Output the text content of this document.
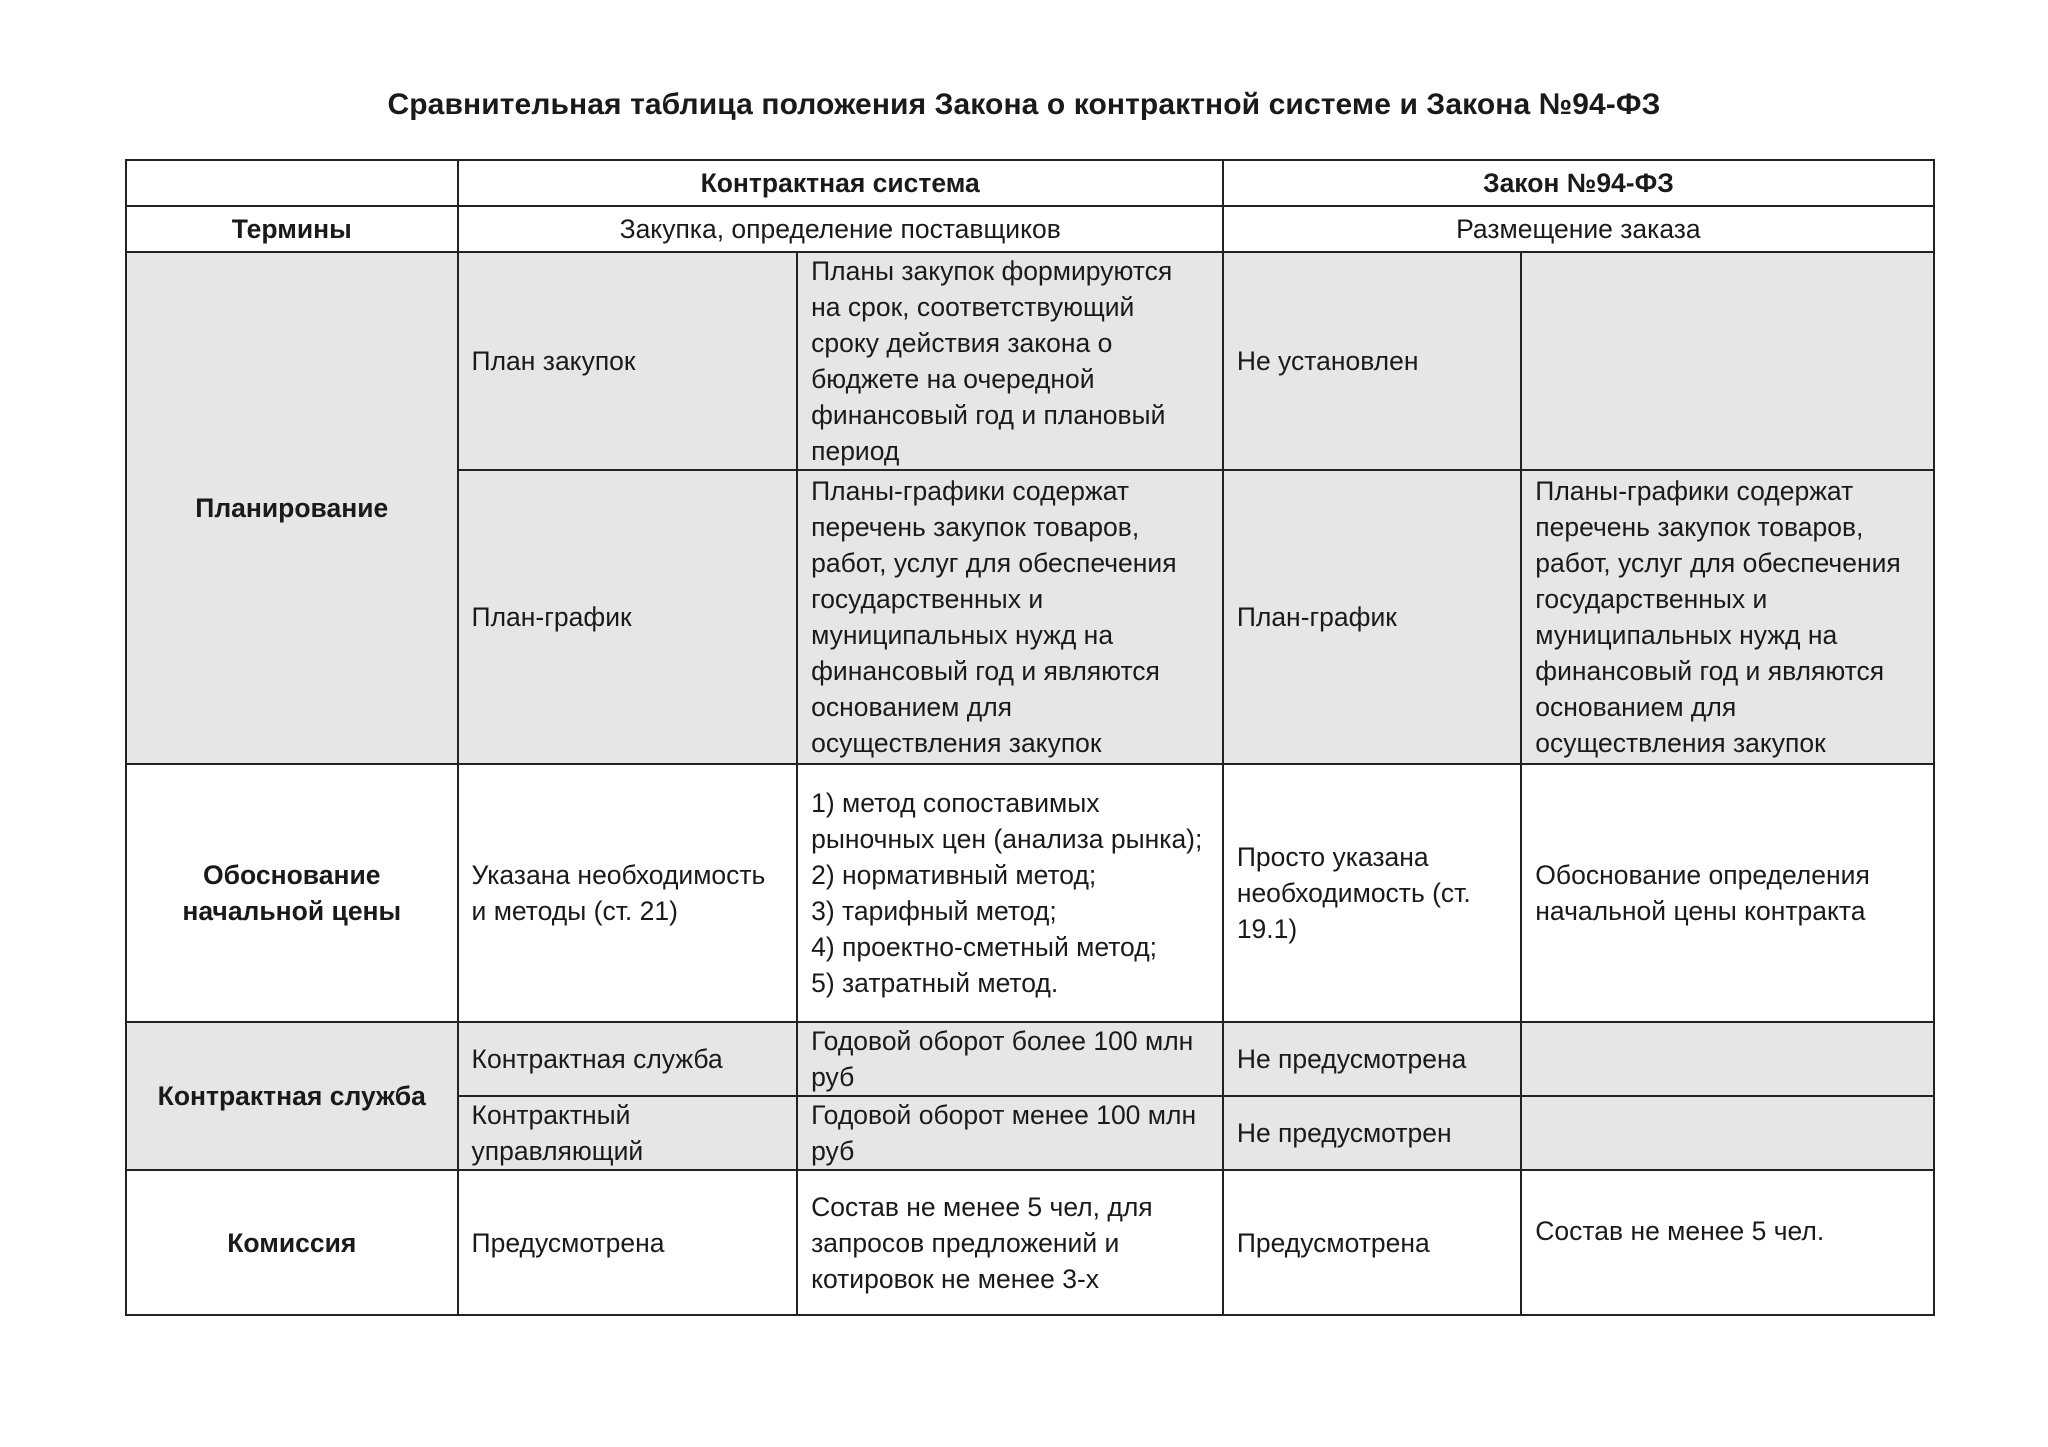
Сравнительная таблица положения Закона о контрактной системе и Закона №94-ФЗ
	Контрактная система		Закон №94-ФЗ	
Термины	Закупка, определение поставщиков		Размещение заказа	
Планирование	План закупок	Планы закупок формируются на срок, соответствующий сроку действия закона о бюджете на очередной финансовый год и плановый период	Не установлен	
	План-график	Планы-графики содержат перечень закупок товаров, работ, услуг для обеспечения государственных и муниципальных нужд на финансовый год и являются основанием для осуществления закупок	План-график	Планы-графики содержат перечень закупок товаров, работ, услуг для обеспечения государственных и муниципальных нужд на финансовый год и являются основанием для осуществления закупок
Обоснование начальной цены	Указана необходимость и методы (ст. 21)	1) метод сопоставимых рыночных цен (анализа рынка);
2) нормативный метод;
3) тарифный метод;
4) проектно-сметный метод;
5) затратный метод.	Просто указана необходимость (ст. 19.1)	Обоснование определения начальной цены контракта
Контрактная служба	Контрактная служба	Годовой оборот более 100 млн руб	Не предусмотрена	
	Контрактный управляющий	Годовой оборот менее 100 млн руб	Не предусмотрен	
Комиссия	Предусмотрена	Состав не менее 5 чел, для запросов предложений и котировок не менее 3-х	Предусмотрена	Состав не менее 5 чел.
